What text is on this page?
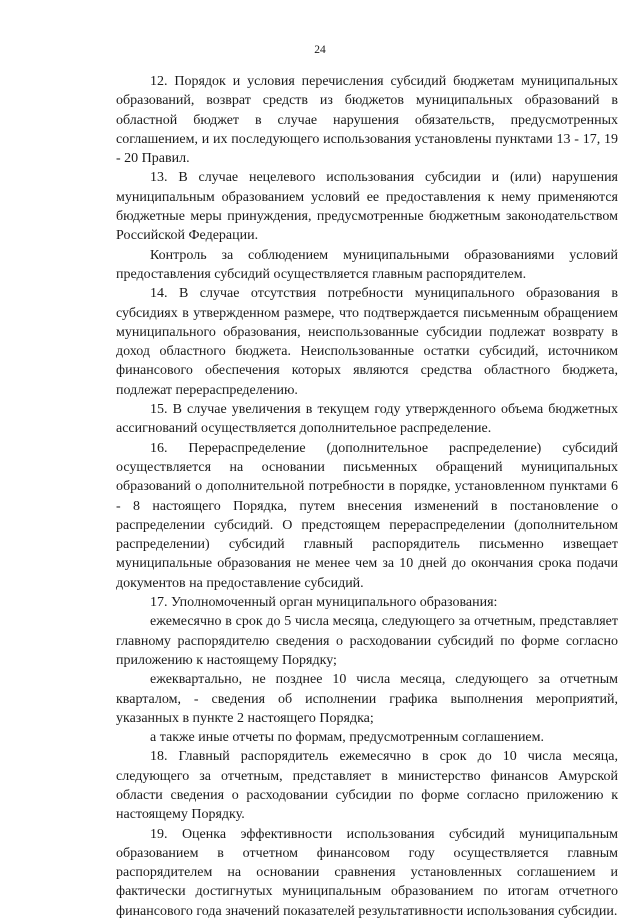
24

12. Порядок и условия перечисления субсидий бюджетам муниципальных образований, возврат средств из бюджетов муниципальных образований в областной бюджет в случае нарушения обязательств, предусмотренных соглашением, и их последующего использования установлены пунктами 13 - 17, 19 - 20 Правил.

13. В случае нецелевого использования субсидии и (или) нарушения муниципальным образованием условий ее предоставления к нему применяются бюджетные меры принуждения, предусмотренные бюджетным законодательством Российской Федерации.

Контроль за соблюдением муниципальными образованиями условий предоставления субсидий осуществляется главным распорядителем.

14. В случае отсутствия потребности муниципального образования в субсидиях в утвержденном размере, что подтверждается письменным обращением муниципального образования, неиспользованные субсидии подлежат возврату в доход областного бюджета. Неиспользованные остатки субсидий, источником финансового обеспечения которых являются средства областного бюджета, подлежат перераспределению.

15. В случае увеличения в текущем году утвержденного объема бюджетных ассигнований осуществляется дополнительное распределение.

16. Перераспределение (дополнительное распределение) субсидий осуществляется на основании письменных обращений муниципальных образований о дополнительной потребности в порядке, установленном пунктами 6 - 8 настоящего Порядка, путем внесения изменений в постановление о распределении субсидий. О предстоящем перераспределении (дополнительном распределении) субсидий главный распорядитель письменно извещает муниципальные образования не менее чем за 10 дней до окончания срока подачи документов на предоставление субсидий.

17. Уполномоченный орган муниципального образования:

ежемесячно в срок до 5 числа месяца, следующего за отчетным, представляет главному распорядителю сведения о расходовании субсидий по форме согласно приложению к настоящему Порядку;

ежеквартально, не позднее 10 числа месяца, следующего за отчетным кварталом, - сведения об исполнении графика выполнения мероприятий, указанных в пункте 2 настоящего Порядка;

а также иные отчеты по формам, предусмотренным соглашением.

18. Главный распорядитель ежемесячно в срок до 10 числа месяца, следующего за отчетным, представляет в министерство финансов Амурской области сведения о расходовании субсидии по форме согласно приложению к настоящему Порядку.

19. Оценка эффективности использования субсидий муниципальным образованием в отчетном финансовом году осуществляется главным распорядителем на основании сравнения установленных соглашением и фактически достигнутых муниципальным образованием по итогам отчетного финансового года значений показателей результативности использования субсидии.
